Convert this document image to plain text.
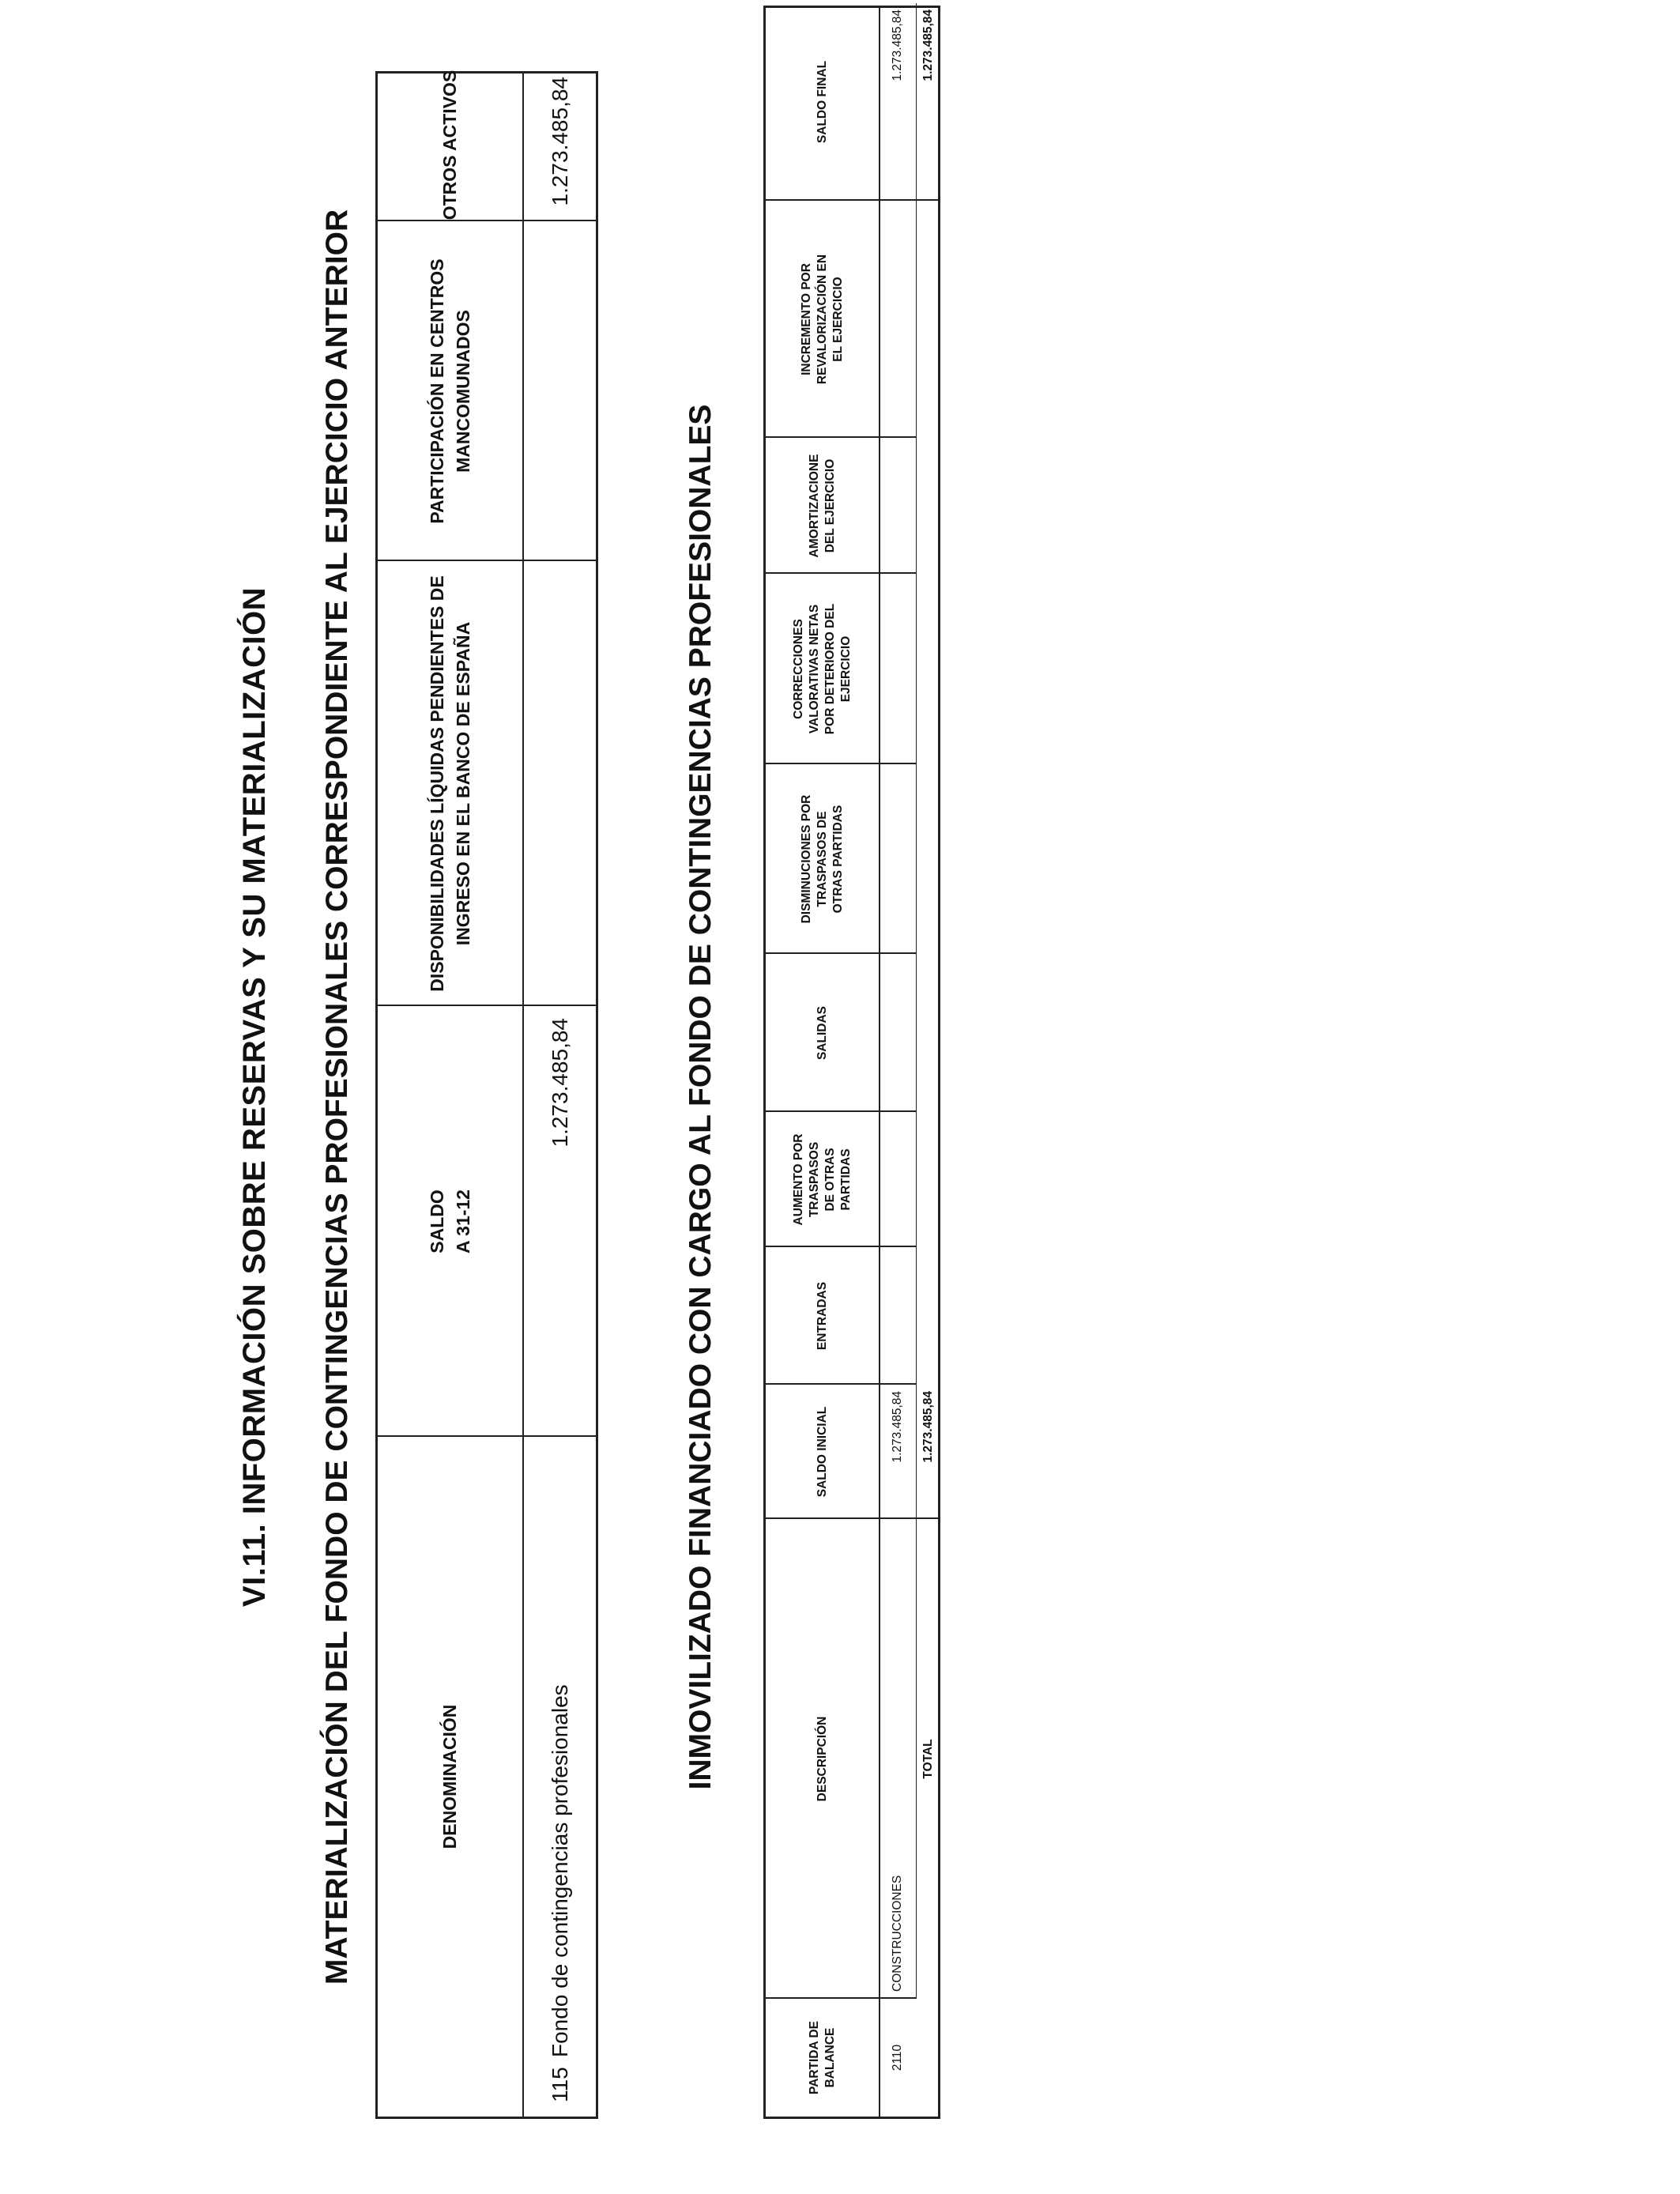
VI.11. INFORMACIÓN SOBRE RESERVAS Y SU MATERIALIZACIÓN MATERIALIZACIÓN DEL FONDO DE CONTINGENCIAS PROFESIONALES CORRESPONDIENTE AL EJERCICIO ANTERIOR	DENOMINACIÓN
SALDO A 31-12
DISPONIBILIDADES LÍQUIDAS PENDIENTES DE INGRESO EN EL BANCO DE ESPAÑA
PARTICIPACIÓN EN CENTROS MANCOMUNADOS
OTROS ACTIVOS
115
Fondo de contingencias profesionales
1.273.485,84
1.273.485,84
INMOVILIZADO FINANCIADO CON CARGO AL FONDO DE CONTINGENCIAS PROFESIONALES
PARTIDA DE BALANCE
DESCRIPCIÓN
SALDO INICIAL
ENTRADAS
AUMENTO POR TRASPASOS DE OTRAS PARTIDAS
SALIDAS
DISMINUCIONES POR TRASPASOS DE OTRAS PARTIDAS
CORRECCIONES VALORATIVAS NETAS POR DETERIORO DEL EJERCICIO
AMORTIZACIONE DEL EJERCICIO
INCREMENTO POR REVALORIZACIÓN EN EL EJERCICIO
SALDO FINAL
2110
CONSTRUCCIONES
1.273.485,84
1.273.485,84
TOTAL
1.273.485,84
1.273.485,84
